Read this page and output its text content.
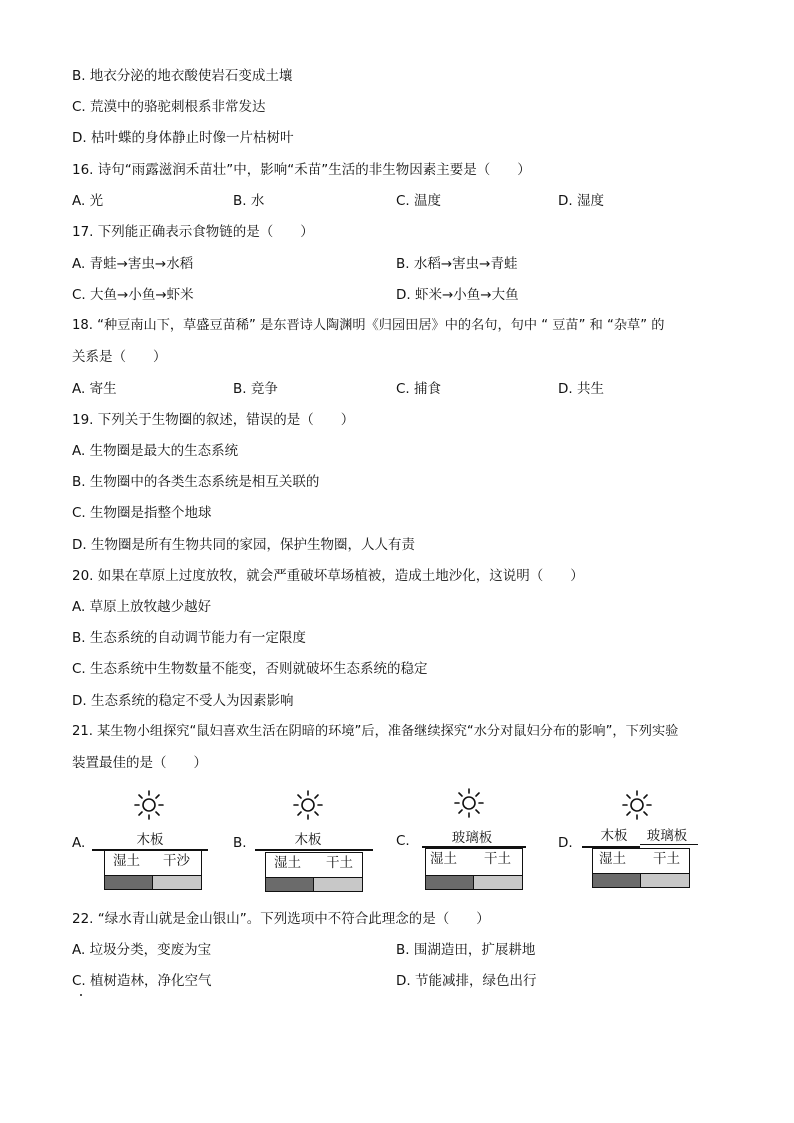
B. 地衣分泌的地衣酸使岩石变成土壤
C. 荒漠中的骆驼刺根系非常发达
D. 枯叶蝶的身体静止时像一片枯树叶
16. 诗句“雨露滋润禾苗壮”中，影响“禾苗”生活的非生物因素主要是（　　）
A. 光	B. 水	C. 温度	D. 湿度
17. 下列能正确表示食物链的是（　　）
A. 青蛙→害虫→水稻	B. 水稻→害虫→青蛙
C. 大鱼→小鱼→虾米	D. 虾米→小鱼→大鱼
18. “种豆南山下，草盛豆苗稀” 是东晋诗人陶渊明《归园田居》中的名句，句中 “ 豆苗” 和 “杂草” 的
关系是（　　）
A. 寄生	B. 竞争	C. 捕食	D. 共生
19. 下列关于生物圈的叙述，错误的是（　　）
A. 生物圈是最大的生态系统
B. 生物圈中的各类生态系统是相互关联的
C. 生物圈是指整个地球
D. 生物圈是所有生物共同的家园，保护生物圈，人人有责
20. 如果在草原上过度放牧，就会严重破坏草场植被，造成土地沙化，这说明（　　）
A. 草原上放牧越少越好
B. 生态系统的自动调节能力有一定限度
C. 生态系统中生物数量不能变，否则就破坏生态系统的稳定
D. 生态系统的稳定不受人为因素影响
21. 某生物小组探究“鼠妇喜欢生活在阴暗的环境”后，准备继续探究“水分对鼠妇分布的影响”，下列实验
装置最佳的是（　　）
A.	木板
湿土 干沙
B.	木板
湿土 干土
C.	玻璃板
湿土 干土
D.	木板	玻璃板
湿土 干土
22. “绿水青山就是金山银山”。下列选项中不符合此理念的是（　　）
A. 垃圾分类，变废为宝	B. 围湖造田，扩展耕地
C. 植树造林，净化空气	D. 节能减排，绿色出行
